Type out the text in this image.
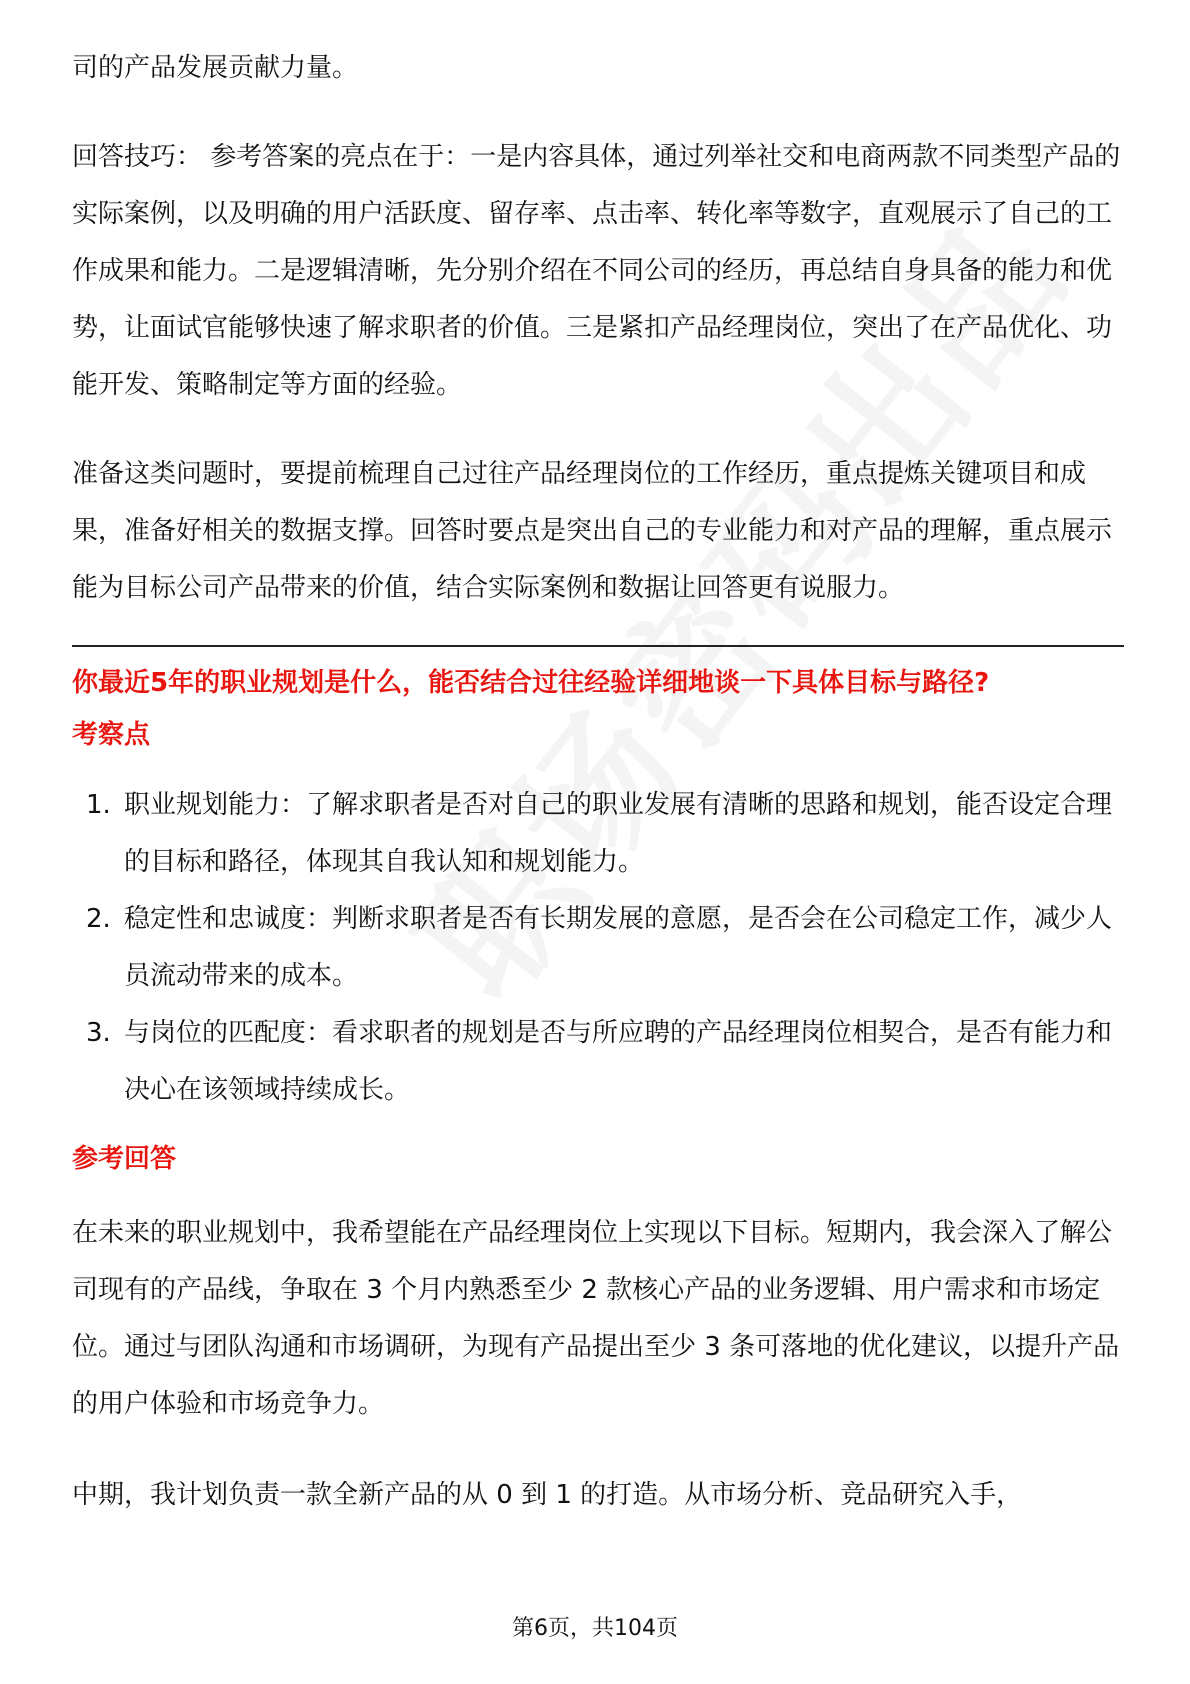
司的产品发展贡献力量。

回答技巧： 参考答案的亮点在于：一是内容具体，通过列举社交和电商两款不同类型产品的实际案例，以及明确的用户活跃度、留存率、点击率、转化率等数字，直观展示了自己的工作成果和能力。二是逻辑清晰，先分别介绍在不同公司的经历，再总结自身具备的能力和优势，让面试官能够快速了解求职者的价值。三是紧扣产品经理岗位，突出了在产品优化、功能开发、策略制定等方面的经验。

准备这类问题时，要提前梳理自己过往产品经理岗位的工作经历，重点提炼关键项目和成果，准备好相关的数据支撑。回答时要点是突出自己的专业能力和对产品的理解，重点展示能为目标公司产品带来的价值，结合实际案例和数据让回答更有说服力。

你最近5年的职业规划是什么，能否结合过往经验详细地谈一下具体目标与路径?

考察点

1. 职业规划能力：了解求职者是否对自己的职业发展有清晰的思路和规划，能否设定合理的目标和路径，体现其自我认知和规划能力。
2. 稳定性和忠诚度：判断求职者是否有长期发展的意愿，是否会在公司稳定工作，减少人员流动带来的成本。
3. 与岗位的匹配度：看求职者的规划是否与所应聘的产品经理岗位相契合，是否有能力和决心在该领域持续成长。

参考回答

在未来的职业规划中，我希望能在产品经理岗位上实现以下目标。短期内，我会深入了解公司现有的产品线，争取在 3 个月内熟悉至少 2 款核心产品的业务逻辑、用户需求和市场定位。通过与团队沟通和市场调研，为现有产品提出至少 3 条可落地的优化建议，以提升产品的用户体验和市场竞争力。

中期，我计划负责一款全新产品的从 0 到 1 的打造。从市场分析、竞品研究入手，

第6页，共104页
